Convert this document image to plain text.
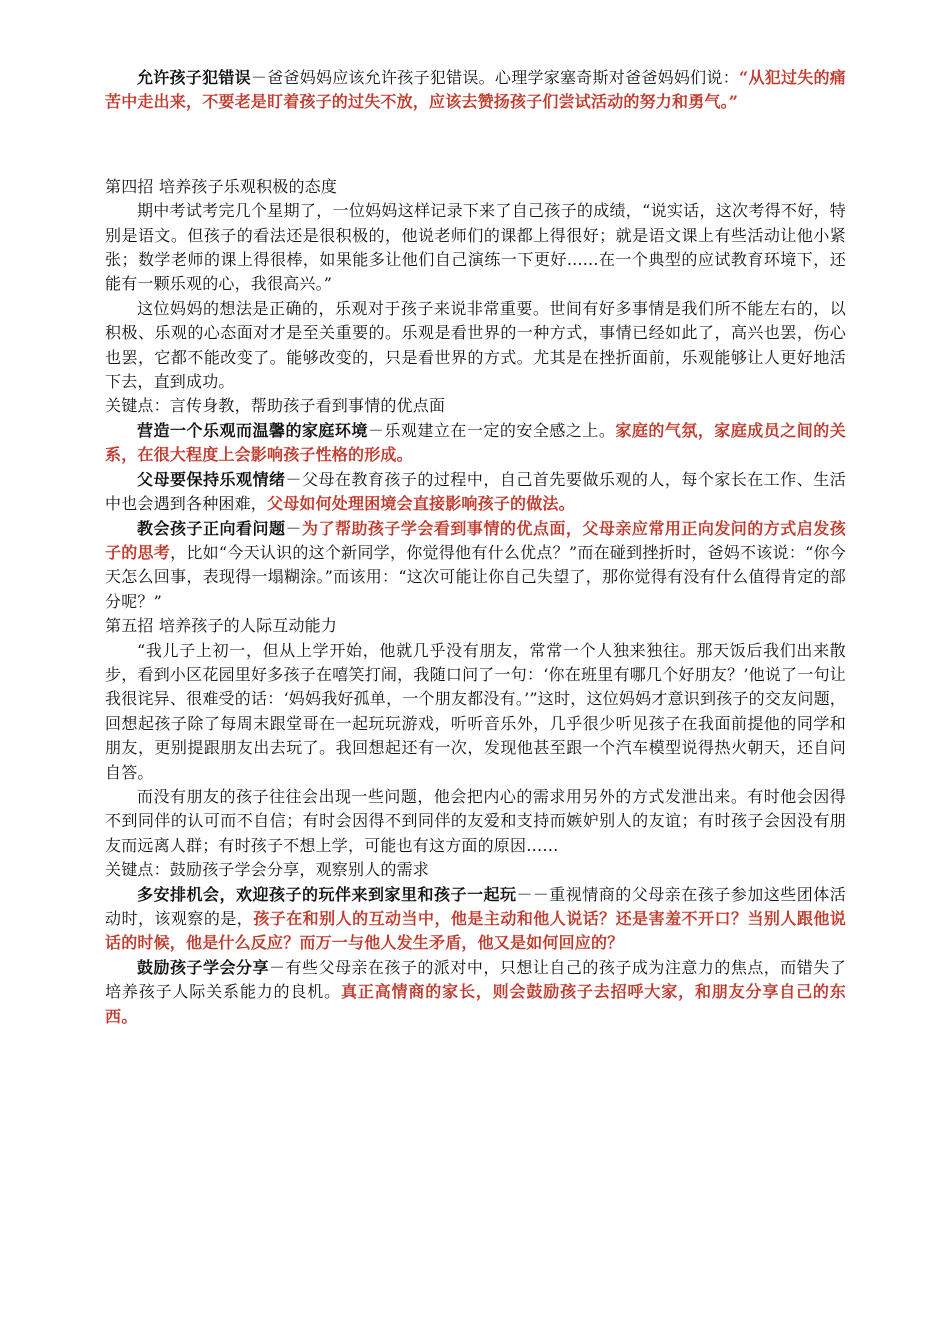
允许孩子犯错误－爸爸妈妈应该允许孩子犯错误。心理学家塞奇斯对爸爸妈妈们说：“从犯过失的痛苦中走出来，不要老是盯着孩子的过失不放，应该去赞扬孩子们尝试活动的努力和勇气。”

第四招 培养孩子乐观积极的态度

期中考试考完几个星期了，一位妈妈这样记录下来了自己孩子的成绩，“说实话，这次考得不好，特别是语文。但孩子的看法还是很积极的，他说老师们的课都上得很好；就是语文课上有些活动让他小紧张；数学老师的课上得很棒，如果能多让他们自己演练一下更好......在一个典型的应试教育环境下，还能有一颗乐观的心，我很高兴。”

这位妈妈的想法是正确的，乐观对于孩子来说非常重要。世间有好多事情是我们所不能左右的，以积极、乐观的心态面对才是至关重要的。乐观是看世界的一种方式，事情已经如此了，高兴也罢，伤心也罢，它都不能改变了。能够改变的，只是看世界的方式。尤其是在挫折面前，乐观能够让人更好地活下去，直到成功。

关键点：言传身教，帮助孩子看到事情的优点面

营造一个乐观而温馨的家庭环境－乐观建立在一定的安全感之上。家庭的气氛，家庭成员之间的关系，在很大程度上会影响孩子性格的形成。

父母要保持乐观情绪－父母在教育孩子的过程中，自己首先要做乐观的人，每个家长在工作、生活中也会遇到各种困难，父母如何处理困境会直接影响孩子的做法。

教会孩子正向看问题－为了帮助孩子学会看到事情的优点面，父母亲应常用正向发问的方式启发孩子的思考，比如“今天认识的这个新同学，你觉得他有什么优点？”而在碰到挫折时，爸妈不该说：“你今天怎么回事，表现得一塌糊涂。”而该用：“这次可能让你自己失望了，那你觉得有没有什么值得肯定的部分呢？”

第五招 培养孩子的人际互动能力

“我儿子上初一，但从上学开始，他就几乎没有朋友，常常一个人独来独往。那天饭后我们出来散步，看到小区花园里好多孩子在嘻笑打闹，我随口问了一句：‘你在班里有哪几个好朋友？’他说了一句让我很诧异、很难受的话：‘妈妈我好孤单，一个朋友都没有。’”这时，这位妈妈才意识到孩子的交友问题，回想起孩子除了每周末跟堂哥在一起玩玩游戏，听听音乐外，几乎很少听见孩子在我面前提他的同学和朋友，更别提跟朋友出去玩了。我回想起还有一次，发现他甚至跟一个汽车模型说得热火朝天，还自问自答。

而没有朋友的孩子往往会出现一些问题，他会把内心的需求用另外的方式发泄出来。有时他会因得不到同伴的认可而不自信；有时会因得不到同伴的友爱和支持而嫉妒别人的友谊；有时孩子会因没有朋友而远离人群；有时孩子不想上学，可能也有这方面的原因……

关键点：鼓励孩子学会分享，观察别人的需求

多安排机会，欢迎孩子的玩伴来到家里和孩子一起玩－－重视情商的父母亲在孩子参加这些团体活动时，该观察的是，孩子在和别人的互动当中，他是主动和他人说话？还是害羞不开口？当别人跟他说话的时候，他是什么反应？而万一与他人发生矛盾，他又是如何回应的？

鼓励孩子学会分享－有些父母亲在孩子的派对中，只想让自己的孩子成为注意力的焦点，而错失了培养孩子人际关系能力的良机。真正高情商的家长，则会鼓励孩子去招呼大家，和朋友分享自己的东西。
